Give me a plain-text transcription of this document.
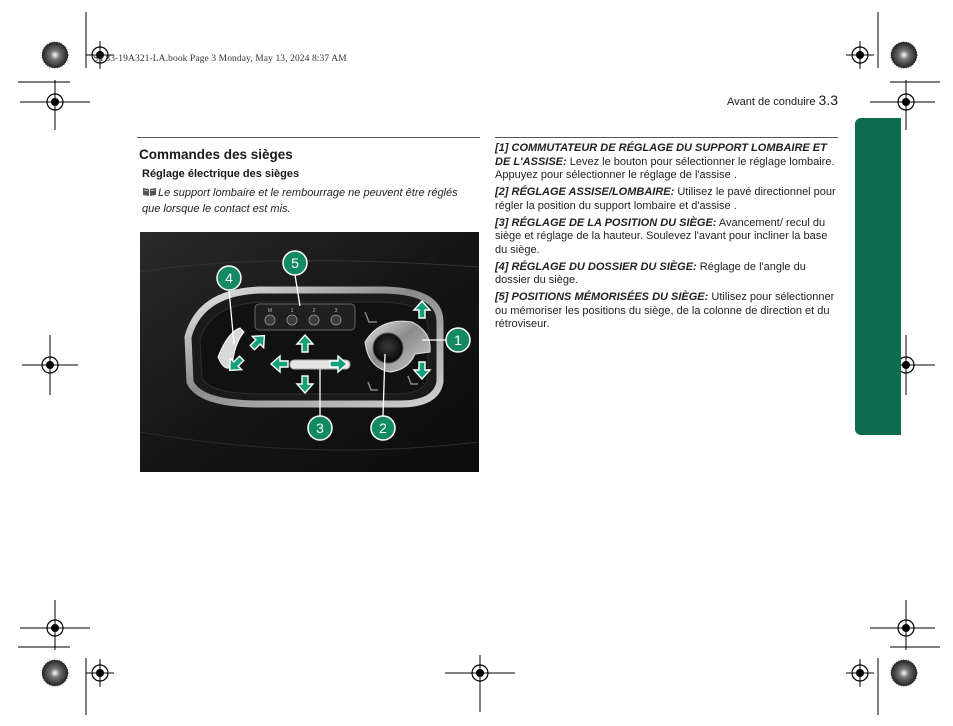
SY83-19A321-LA.book Page 3 Monday, May 13, 2024 8:37 AM
Avant de conduire 3.3
Commandes des sièges
Réglage électrique des sièges
Le support lombaire et le rembourrage ne peuvent être réglés que lorsque le contact est mis.
M	1	2	3
1
2
3
4
5

[1] COMMUTATEUR DE RÉGLAGE DU SUPPORT LOMBAIRE ET DE L'ASSISE: Levez le bouton pour sélectionner le réglage lombaire. Appuyez pour sélectionner le réglage de l'assise .

[2] RÉGLAGE ASSISE/LOMBAIRE: Utilisez le pavé directionnel pour régler la position du support lombaire et d'assise .

[3] RÉGLAGE DE LA POSITION DU SIÈGE: Avancement/ recul du siège et réglage de la hauteur. Soulevez l'avant pour incliner la base du siège.

[4] RÉGLAGE DU DOSSIER DU SIÈGE: Réglage de l'angle du dossier du siège.

[5] POSITIONS MÉMORISÉES DU SIÈGE: Utilisez pour sélectionner ou mémoriser les positions du siège, de la colonne de direction et du rétroviseur.
